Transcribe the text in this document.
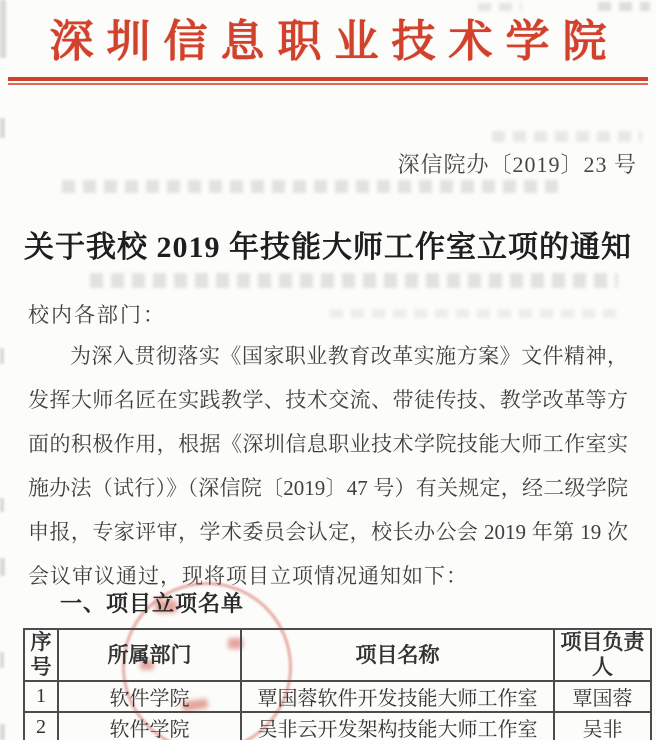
深圳信息职业技术学院
深信院办〔2019〕23 号
关于我校 2019 年技能大师工作室立项的通知
校内各部门：
为深入贯彻落实《国家职业教育改革实施方案》文件精神，
发挥大师名匠在实践教学、技术交流、带徒传技、教学改革等方
面的积极作用，根据《深圳信息职业技术学院技能大师工作室实
施办法（试行）》（深信院〔2019〕47 号）有关规定，经二级学院
申报，专家评审，学术委员会认定，校长办公会 2019 年第 19 次
会议审议通过，现将项目立项情况通知如下：
一、项目立项名单
序号	所属部门	项目名称	项目负责人
1	软件学院	覃国蓉软件开发技能大师工作室	覃国蓉
2	软件学院	吴非云开发架构技能大师工作室	吴非
